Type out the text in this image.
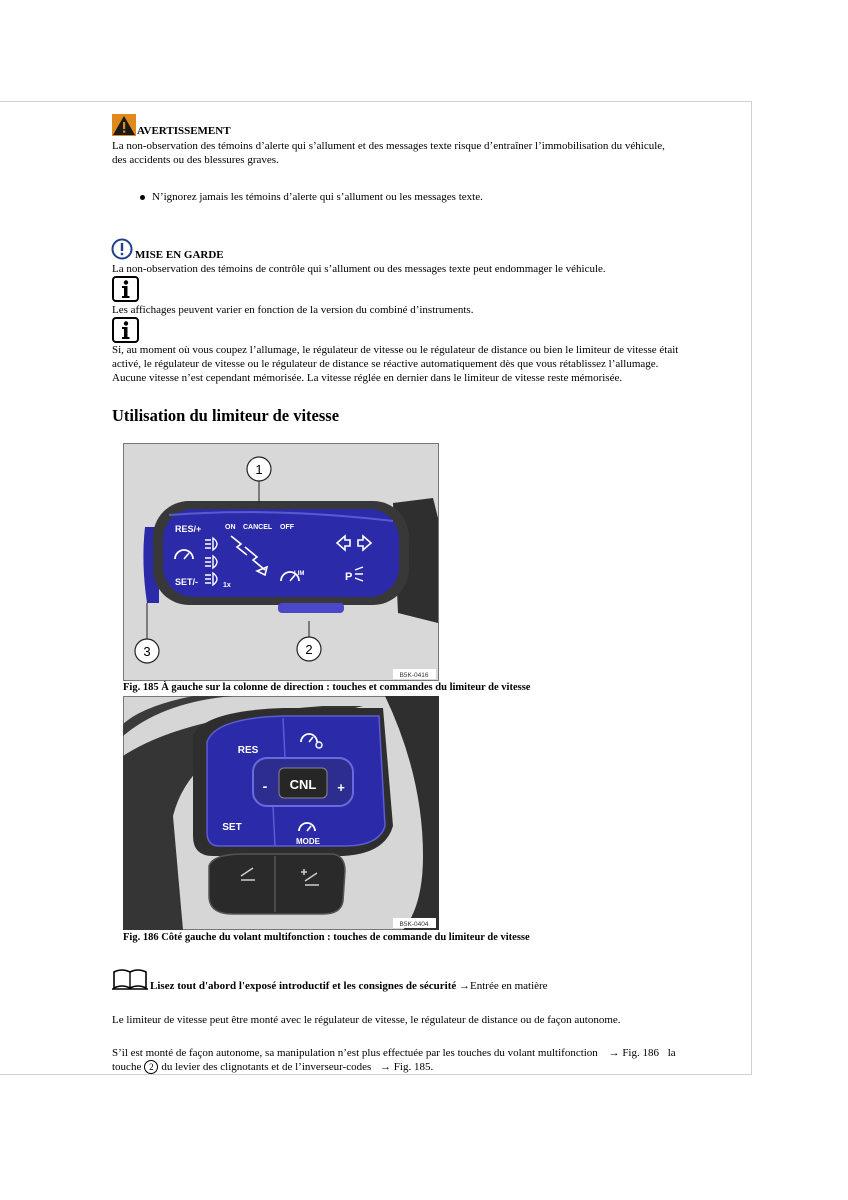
AVERTISSEMENT
La non-observation des témoins d’alerte qui s’allument et des messages texte risque d’entraîner l’immobilisation du véhicule,
des accidents ou des blessures graves.
N’ignorez jamais les témoins d’alerte qui s’allument ou les messages texte.
MISE EN GARDE
La non-observation des témoins de contrôle qui s’allument ou des messages texte peut endommager le véhicule.
Les affichages peuvent varier en fonction de la version du combiné d’instruments.
Si, au moment où vous coupez l’allumage, le régulateur de vitesse ou le régulateur de distance ou bien le limiteur de vitesse était
activé, le régulateur de vitesse ou le régulateur de distance se réactive automatiquement dès que vous rétablissez l’allumage.
Aucune vitesse n’est cependant mémorisée. La vitesse réglée en dernier dans le limiteur de vitesse reste mémorisée.
Utilisation du limiteur de vitesse
RES/+
SET/-
ON CANCEL OFF
LIM
1x
P
1
2
3
B5K-0416
Fig. 185 À gauche sur la colonne de direction : touches et commandes du limiteur de vitesse
CNL
-	+
RES
SET
MODE
B5K-0404
Fig. 186 Côté gauche du volant multifonction : touches de commande du limiteur de vitesse
Lisez tout d'abord l'exposé introductif et les consignes de sécurité →Entrée en matière
Le limiteur de vitesse peut être monté avec le régulateur de vitesse, le régulateur de distance ou de façon autonome.
S’il est monté de façon autonome, sa manipulation n’est plus effectuée par les touches du volant multifonction → Fig. 186 la
touche 2 du levier des clignotants et de l’inverseur-codes → Fig. 185.
